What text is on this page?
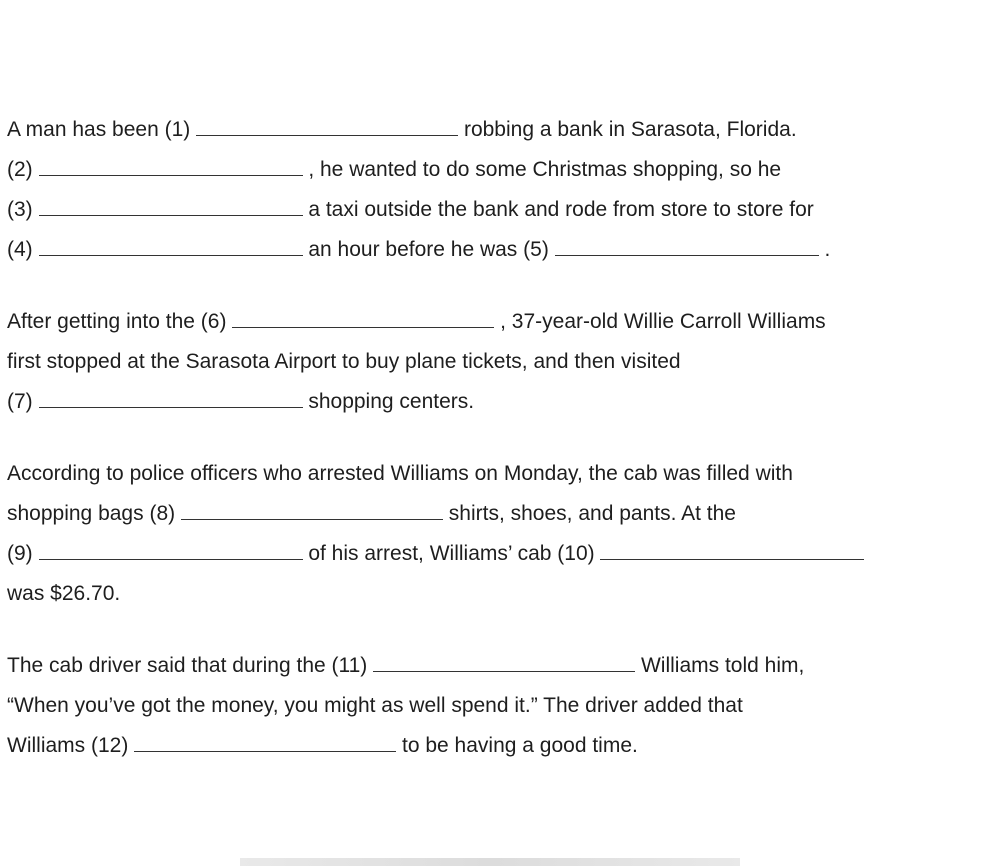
A man has been (1)	robbing a bank in Sarasota, Florida.
(2)	, he wanted to do some Christmas shopping, so he
(3)	a taxi outside the bank and rode from store to store for
(4)	an hour before he was (5)	.
After getting into the (6)	, 37-year-old Willie Carroll Williams
first stopped at the Sarasota Airport to buy plane tickets, and then visited
(7)	shopping centers.
According to police officers who arrested Williams on Monday, the cab was filled with
shopping bags (8)	shirts, shoes, and pants. At the
(9)	of his arrest, Williams’ cab (10)
was $26.70.
The cab driver said that during the (11)	Williams told him,
“When you’ve got the money, you might as well spend it.” The driver added that
Williams (12)	to be having a good time.
